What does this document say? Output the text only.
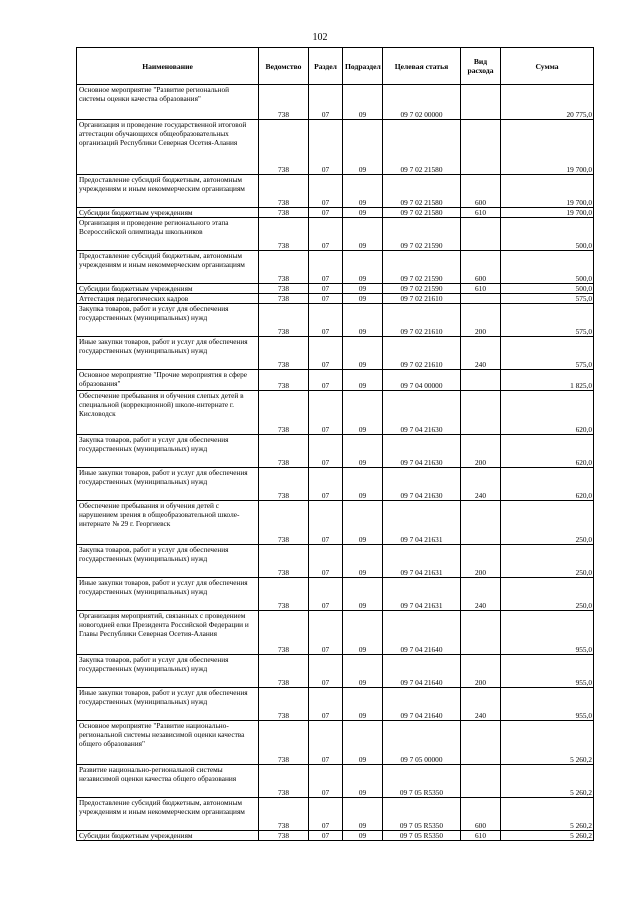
102
Наименование	Ведомство	Раздел	Подраздел	Целевая статья	Вид расхода	Сумма
Основное мероприятие "Развитие региональной системы оценки качества образования"	738	07	09	09 7 02 00000		20 775,0
Организация и проведение государственной итоговой аттестации обучающихся общеобразовательных организаций Республики Северная Осетия-Алания	738	07	09	09 7 02 21580		19 700,0
Предоставление субсидий бюджетным, автономным учреждениям и иным некоммерческим организациям	738	07	09	09 7 02 21580	600	19 700,0
Субсидии бюджетным учреждениям	738	07	09	09 7 02 21580	610	19 700,0
Организация и проведение регионального этапа Всероссийской олимпиады школьников	738	07	09	09 7 02 21590		500,0
Предоставление субсидий бюджетным, автономным учреждениям и иным некоммерческим организациям	738	07	09	09 7 02 21590	600	500,0
Субсидии бюджетным учреждениям	738	07	09	09 7 02 21590	610	500,0
Аттестация педагогических кадров	738	07	09	09 7 02 21610		575,0
Закупка товаров, работ и услуг для обеспечения государственных (муниципальных) нужд	738	07	09	09 7 02 21610	200	575,0
Иные закупки товаров, работ и услуг для обеспечения государственных (муниципальных) нужд	738	07	09	09 7 02 21610	240	575,0
Основное мероприятие "Прочие мероприятия в сфере образования"	738	07	09	09 7 04 00000		1 825,0
Обеспечение пребывания и обучения слепых детей в специальной (коррекционной) школе-интернате г. Кисловодск	738	07	09	09 7 04 21630		620,0
Закупка товаров, работ и услуг для обеспечения государственных (муниципальных) нужд	738	07	09	09 7 04 21630	200	620,0
Иные закупки товаров, работ и услуг для обеспечения государственных (муниципальных) нужд	738	07	09	09 7 04 21630	240	620,0
Обеспечение пребывания и обучения детей с нарушением зрения в общеобразовательной школе-интернате № 29 г. Георгиевск	738	07	09	09 7 04 21631		250,0
Закупка товаров, работ и услуг для обеспечения государственных (муниципальных) нужд	738	07	09	09 7 04 21631	200	250,0
Иные закупки товаров, работ и услуг для обеспечения государственных (муниципальных) нужд	738	07	09	09 7 04 21631	240	250,0
Организация мероприятий, связанных с проведением новогодней елки Президента Российской Федерации и Главы Республики Северная Осетия-Алания	738	07	09	09 7 04 21640		955,0
Закупка товаров, работ и услуг для обеспечения государственных (муниципальных) нужд	738	07	09	09 7 04 21640	200	955,0
Иные закупки товаров, работ и услуг для обеспечения государственных (муниципальных) нужд	738	07	09	09 7 04 21640	240	955,0
Основное мероприятие "Развитие национально-региональной системы независимой оценки качества общего образования"	738	07	09	09 7 05 00000		5 260,2
Развитие национально-региональной системы независимой оценки качества общего образования	738	07	09	09 7 05 R5350		5 260,2
Предоставление субсидий бюджетным, автономным учреждениям и иным некоммерческим организациям	738	07	09	09 7 05 R5350	600	5 260,2
Субсидии бюджетным учреждениям	738	07	09	09 7 05 R5350	610	5 260,2
